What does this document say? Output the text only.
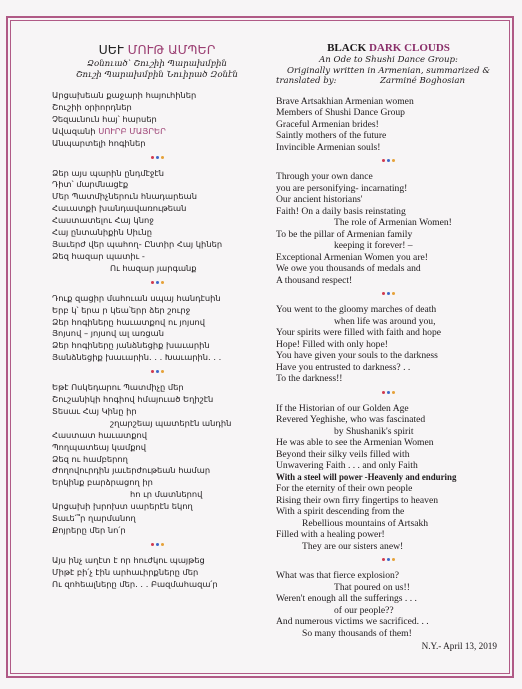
ՍԵՒ ՄՈՒԹ ԱՄՊԵՐ
Ձօնուած՝ Շուշիի Պարախմբին
Շուշի Պարախմբին Նուիրած Զօնէն
Արցախեան քաջարի հայուհիներ
Շուշիի օրիորդներ
Չեզաւնուն հայ՝ հարսեր
Ավազանի ՍՈՒՐԲ ՄԱՅՐԵՐ
Անպարտելի հոգիներ
Ձեր այս պարին ընդմէջէն
Դիտ՝ մարմնացէք
Մեր Պատմիչներուն հնադարեան
Հաւատքի խանդավառութեան
Հաստատելու Հայ կնոջ
Հայ ընտանիքին Սիւնը
Յաւերժ վեր պահող- Ընտիր Հայ կիներ
Ձեզ հազար պատիւ -
Ու հազար յարգանք
Դուք զացիր մահուան սպայ հանդէսին
Երբ կ՝ երա ր կեա՝երր ձեր շուրջ
Ձեր հոգիները հաւատքով ու յոյսով
Յոյսով – յոյսով ալ առցան
Ձեր հոգիները յանձնեցիք խաւարին
Յանձնեցիք խաւարին. . . Խաւարին. . .
Եթէ Ոսկեդարու Պատմիչը մեր
Շուշանիկի հոգիով հմայուած Եղիշէն
Տեսաւ Հայ Կինը իր
շղարշեայ պատերէն անդին
Հաստատ հաւատքով
Պողպատեայ կամքով
Ձեզ ու համբերող
Ժողովուրդին յաւերժութեան համար
Երկինք բարձրացող իր
հո ւր մատներով
Արցախի խրոխտ սարերէն եկող
Տաւե՛՞ր ղարմանող
Քոյրերը մեր նո՛ր
Այս ինչ աղէտ է որ հուժկու պայթեց
Միթէ բի՛չ էին արհաւիրքները մեր
Ու զոհեալները մեր. . . Բազմահազա՛ր
BLACK DARK CLOUDS
An Ode to Shushi Dance Group:
Originally written in Armenian, summarized &
translated by:	Zarminé Boghosian
Brave Artsakhian Armenian women
Members of Shushi Dance Group
Graceful Armenian brides!
Saintly mothers of the future
Invincible Armenian souls!
Through your own dance
you are personifying- incarnating!
Our ancient historians'
Faith! On a daily basis reinstating
The role of Armenian Women!
To be the pillar of Armenian family
keeping it forever! –
Exceptional Armenian Women you are!
We owe you thousands of medals and
A thousand respect!
You went to the gloomy marches of death
when life was around you,
Your spirits were filled with faith and hope
Hope! Filled with only hope!
You have given your souls to the darkness
Have you entrusted to darkness? . .
To the darkness!!
If the Historian of our Golden Age
Revered Yeghishe, who was fascinated
by Shushanik's spirit
He was able to see the Armenian Women
Beyond their silky veils filled with
Unwavering Faith . . . and only Faith
With a steel will power -Heavenly and enduring
For the eternity of their own people
Rising their own firry fingertips to heaven
With a spirit descending from the
Rebellious mountains of Artsakh
Filled with a healing power!
They are our sisters anew!
What was that fierce explosion?
That poured on us!!
Weren't enough all the sufferings . . .
of our people??
And numerous victims we sacrificed. . .
So many thousands of them!
N.Y.- April 13, 2019
